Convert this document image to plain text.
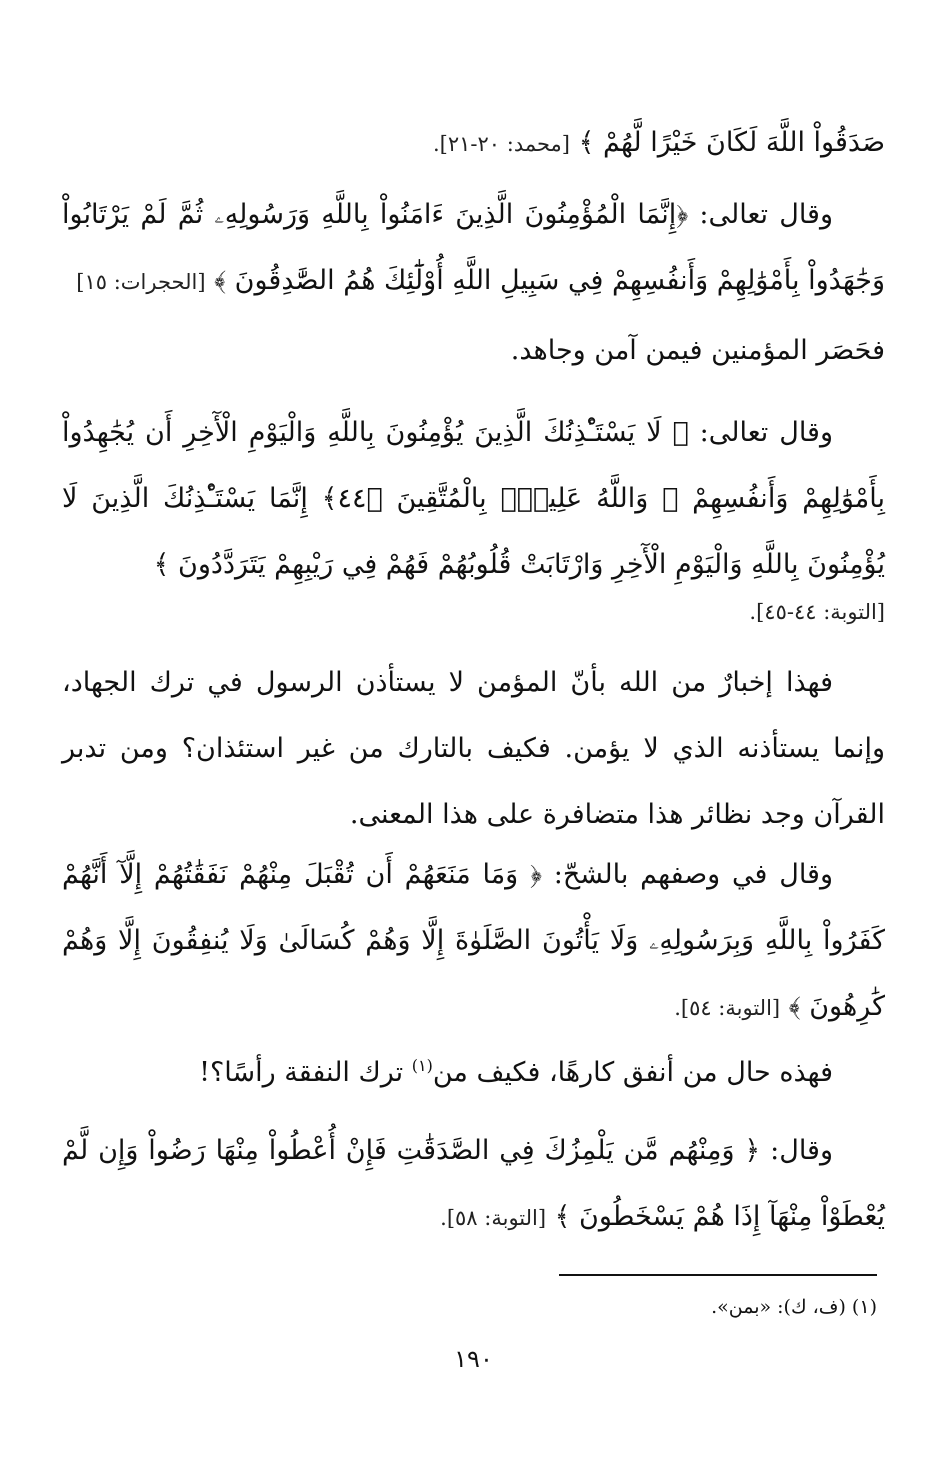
صَدَقُواْ اللَّهَ لَكَانَ خَيْرًا لَّهُمْ ﴾ [محمد: ٢٠-٢١].
وقال تعالى: ﴿إِنَّمَا الْمُؤْمِنُونَ الَّذِينَ ءَامَنُواْ بِاللَّهِ وَرَسُولِهِۦ ثُمَّ لَمْ يَرْتَابُواْ وَجَٰهَدُواْ بِأَمْوَٰلِهِمْ وَأَنفُسِهِمْ فِي سَبِيلِ اللَّهِ أُوْلَٰٓئِكَ هُمُ الصَّٰدِقُونَ ﴾ [الحجرات: ١٥]
فحَصَر المؤمنين فيمن آمن وجاهد.
وقال تعالى: ﴿ لَا يَسْتَـْٔذِنُكَ الَّذِينَ يُؤْمِنُونَ بِاللَّهِ وَالْيَوْمِ الْأٓخِرِ أَن يُجَٰهِدُواْ بِأَمْوَٰلِهِمْ وَأَنفُسِهِمْ ۗ وَاللَّهُ عَلِيمُۢ بِالْمُتَّقِينَ ﴿٤٤﴾ إِنَّمَا يَسْتَـْٔذِنُكَ الَّذِينَ لَا يُؤْمِنُونَ بِاللَّهِ وَالْيَوْمِ الْأٓخِرِ وَارْتَابَتْ قُلُوبُهُمْ فَهُمْ فِي رَيْبِهِمْ يَتَرَدَّدُونَ ﴾
[التوبة: ٤٤-٤٥].
فهذا إخبارٌ من الله بأنّ المؤمن لا يستأذن الرسول في ترك الجهاد، وإنما يستأذنه الذي لا يؤمن. فكيف بالتارك من غير استئذان؟ ومن تدبر القرآن وجد نظائر هذا متضافرة على هذا المعنى.
وقال في وصفهم بالشحّ: ﴿ وَمَا مَنَعَهُمْ أَن تُقْبَلَ مِنْهُمْ نَفَقَٰتُهُمْ إِلَّآ أَنَّهُمْ كَفَرُواْ بِاللَّهِ وَبِرَسُولِهِۦ وَلَا يَأْتُونَ الصَّلَوٰةَ إِلَّا وَهُمْ كُسَالَىٰ وَلَا يُنفِقُونَ إِلَّا وَهُمْ كَٰرِهُونَ ﴾ [التوبة: ٥٤].
فهذه حال من أنفق كارهًا، فكيف من$^{(١)}$ ترك النفقة رأسًا؟!
وقال: ﴿ وَمِنْهُم مَّن يَلْمِزُكَ فِي الصَّدَقَٰتِ فَإِنْ أُعْطُواْ مِنْهَا رَضُواْ وَإِن لَّمْ يُعْطَوْاْ مِنْهَآ إِذَا هُمْ يَسْخَطُونَ ﴾ [التوبة: ٥٨].
(١) (ف، ك): «بمن».
١٩٠
